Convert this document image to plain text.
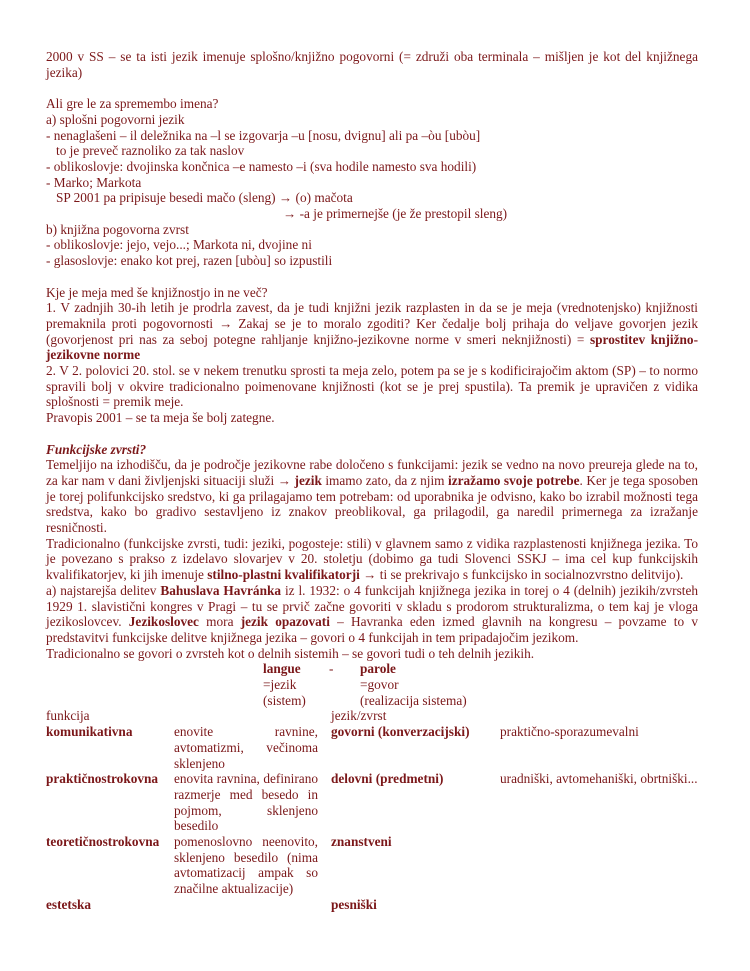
2000 v SS – se ta isti jezik imenuje splošno/knjižno pogovorni (= združi oba terminala – mišljen je kot del knjižnega jezika)
Ali gre le za spremembo imena?
a) splošni pogovorni jezik
- nenaglašeni – il deležnika na –l se izgovarja –u [nosu, dvignu] ali pa –òu [ubòu]
to je preveč raznoliko za tak naslov
- oblikoslovje: dvojinska končnica –e namesto –i (sva hodile namesto sva hodili)
- Marko; Markota
SP 2001 pa pripisuje besedi mačo (sleng) → (o) mačota
→ -a je primernejše (je že prestopil sleng)
b) knjižna pogovorna zvrst
- oblikoslovje: jejo, vejo...; Markota ni, dvojine ni
- glasoslovje: enako kot prej, razen [ubòu] so izpustili
Kje je meja med še knjižnostjo in ne več?
1. V zadnjih 30-ih letih je prodrla zavest, da je tudi knjižni jezik razplasten in da se je meja (vrednotenjsko) knjižnosti premaknila proti pogovornosti → Zakaj se je to moralo zgoditi? Ker čedalje bolj prihaja do veljave govorjen jezik (govorjenost pri nas za seboj potegne rahljanje knjižno-jezikovne norme v smeri neknjižnosti) = sprostitev knjižno-jezikovne norme
2. V 2. polovici 20. stol. se v nekem trenutku sprosti ta meja zelo, potem pa se je s kodificirajočim aktom (SP) – to normo spravili bolj v okvire tradicionalno poimenovane knjižnosti (kot se je prej spustila). Ta premik je upravičen z vidika splošnosti = premik meje.
Pravopis 2001 – se ta meja še bolj zategne.
Funkcijske zvrsti?
Temeljijo na izhodišču, da je področje jezikovne rabe določeno s funkcijami: jezik se vedno na novo preureja glede na to, za kar nam v dani življenjski situaciji služi → jezik imamo zato, da z njim izražamo svoje potrebe. Ker je tega sposoben je torej polifunkcijsko sredstvo, ki ga prilagajamo tem potrebam: od uporabnika je odvisno, kako bo izrabil možnosti tega sredstva, kako bo gradivo sestavljeno iz znakov preoblikoval, ga prilagodil, ga naredil primernega za izražanje resničnosti.
Tradicionalno (funkcijske zvrsti, tudi: jeziki, pogosteje: stili) v glavnem samo z vidika razplastenosti knjižnega jezika. To je povezano s prakso z izdelavo slovarjev v 20. stoletju (dobimo ga tudi Slovenci SSKJ – ima cel kup funkcijskih kvalifikatorjev, ki jih imenuje stilno-plastni kvalifikatorji → ti se prekrivajo s funkcijsko in socialnozvrstno delitvijo).
a) najstarejša delitev Bahuslava Havránka iz l. 1932: o 4 funkcijah knjižnega jezika in torej o 4 (delnih) jezikih/zvrsteh 1929 1. slavistični kongres v Pragi – tu se prvič začne govoriti v skladu s prodorom strukturalizma, o tem kaj je vloga jezikoslovcev. Jezikoslovec mora jezik opazovati – Havranka eden izmed glavnih na kongresu – povzame to v predstavitvi funkcijske delitve knjižnega jezika – govori o 4 funkcijah in tem pripadajočim jezikom.
Tradicionalno se govori o zvrsteh kot o delnih sistemih – se govori tudi o teh delnih jezikih.
langue - parole
=jezik	=govor
(sistem)	(realizacija sistema)
funkcija	jezik/zvrst
komunikativna	enovite ravnine, avtomatizmi, večinoma sklenjeno	govorni (konverzacijski)	praktično-sporazumevalni
praktičnostrokovna	enovita ravnina, definirano razmerje med besedo in pojmom, sklenjeno besedilo	delovni (predmetni)	uradniški, avtomehaniški, obrtniški...
teoretičnostrokovna	pomenoslovno neenovito, sklenjeno besedilo (nima avtomatizacij ampak so značilne aktualizacije)	znanstveni	
estetska		pesniški	
